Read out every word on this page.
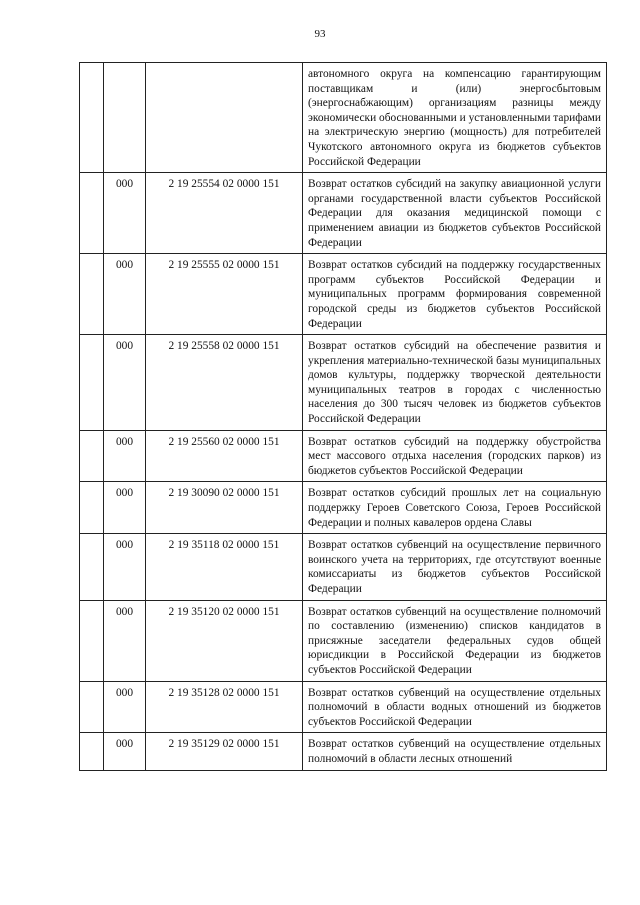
93
			автономного округа на компенсацию гарантирующим поставщикам и (или) энергосбытовым (энергоснабжающим) организациям разницы между экономически обоснованными и установленными тарифами на электрическую энергию (мощность) для потребителей Чукотского автономного округа из бюджетов субъектов Российской Федерации
	000	2 19 25554 02 0000 151	Возврат остатков субсидий на закупку авиационной услуги органами государственной власти субъектов Российской Федерации для оказания медицинской помощи с применением авиации из бюджетов субъектов Российской Федерации
	000	2 19 25555 02 0000 151	Возврат остатков субсидий на поддержку государственных программ субъектов Российской Федерации и муниципальных программ формирования современной городской среды из бюджетов субъектов Российской Федерации
	000	2 19 25558 02 0000 151	Возврат остатков субсидий на обеспечение развития и укрепления материально-технической базы муниципальных домов культуры, поддержку творческой деятельности муниципальных театров в городах с численностью населения до 300 тысяч человек из бюджетов субъектов Российской Федерации
	000	2 19 25560 02 0000 151	Возврат остатков субсидий на поддержку обустройства мест массового отдыха населения (городских парков) из бюджетов субъектов Российской Федерации
	000	2 19 30090 02 0000 151	Возврат остатков субсидий прошлых лет на социальную поддержку Героев Советского Союза, Героев Российской Федерации и полных кавалеров ордена Славы
	000	2 19 35118 02 0000 151	Возврат остатков субвенций на осуществление первичного воинского учета на территориях, где отсутствуют военные комиссариаты из бюджетов субъектов Российской Федерации
	000	2 19 35120 02 0000 151	Возврат остатков субвенций на осуществление полномочий по составлению (изменению) списков кандидатов в присяжные заседатели федеральных судов общей юрисдикции в Российской Федерации из бюджетов субъектов Российской Федерации
	000	2 19 35128 02 0000 151	Возврат остатков субвенций на осуществление отдельных полномочий в области водных отношений из бюджетов субъектов Российской Федерации
	000	2 19 35129 02 0000 151	Возврат остатков субвенций на осуществление отдельных полномочий в области лесных отношений
